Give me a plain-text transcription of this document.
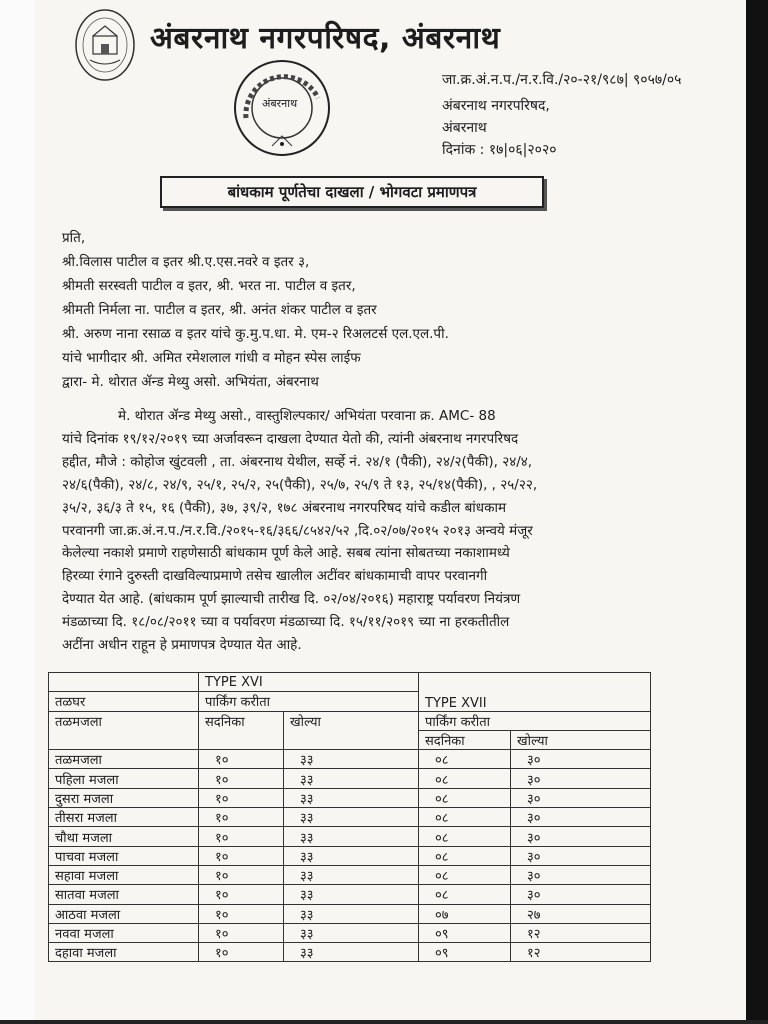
अंबरनाथ नगरपरिषद, अंबरनाथ
अंबरनाथ
जा.क्र.अं.न.प./न.र.वि./२०-२१/९८७| ९०५७/०५
अंबरनाथ नगरपरिषद,
अंबरनाथ
दिनांक : १७|०६|२०२०
बांधकाम पूर्णतेचा दाखला / भोगवटा प्रमाणपत्र
प्रति,
श्री.विलास पाटील व इतर श्री.ए.एस.नवरे व इतर ३,
श्रीमती सरस्वती पाटील व इतर, श्री. भरत ना. पाटील व इतर,
श्रीमती निर्मला ना. पाटील व इतर, श्री. अनंत शंकर पाटील व इतर
श्री. अरुण नाना रसाळ व इतर यांचे कु.मु.प.धा. मे. एम-२ रिअलटर्स एल.एल.पी.
यांचे भागीदार श्री. अमित रमेशलाल गांधी व मोहन स्पेस लाईफ
द्वारा- मे. थोरात ॲन्ड मेथ्यु असो. अभियंता, अंबरनाथ
मे. थोरात ॲन्ड मेथ्यु असो., वास्तुशिल्पकार/ अभियंता परवाना क्र. AMC- 88
यांचे दिनांक १९/१२/२०१९ च्या अर्जावरून दाखला देण्यात येतो की, त्यांनी अंबरनाथ नगरपरिषद
हद्दीत, मौजे : कोहोज खुंटवली , ता. अंबरनाथ येथील, सर्व्हे नं. २४/१ (पैकी), २४/२(पैकी), २४/४,
२४/६(पैकी), २४/८, २४/९, २५/१, २५/२, २५(पैकी), २५/७, २५/९ ते १३, २५/१४(पैकी), , २५/२२,
३५/२, ३६/३ ते १५, १६ (पैकी), ३७, ३९/२, १७८ अंबरनाथ नगरपरिषद यांचे कडील बांधकाम
परवानगी जा.क्र.अं.न.प./न.र.वि./२०१५-१६/३६६/८५४२/५२ ,दि.०२/०७/२०१५ २०१३ अन्वये मंजूर
केलेल्या नकाशे प्रमाणे राहणेसाठी बांधकाम पूर्ण केले आहे. सबब त्यांना सोबतच्या नकाशामध्ये
हिरव्या रंगाने दुरुस्ती दाखविल्याप्रमाणे तसेच खालील अटींवर बांधकामाची वापर परवानगी
देण्यात येत आहे. (बांधकाम पूर्ण झाल्याची तारीख दि. ०२/०४/२०१६) महाराष्ट्र पर्यावरण नियंत्रण
मंडळाच्या दि. १८/०८/२०११ च्या व पर्यावरण मंडळाच्या दि. १५/११/२०१९ च्या ना हरकतीतील
अटींना अधीन राहून हे प्रमाणपत्र देण्यात येत आहे.
	TYPE XVI		TYPE XVII	
तळघर	पार्किंग करीता			
तळमजला	सदनिका	खोल्या	पार्किंग करीता	
			सदनिका	खोल्या
तळमजला	१०	३३	०८	३०
पहिला मजला	१०	३३	०८	३०
दुसरा मजला	१०	३३	०८	३०
तीसरा मजला	१०	३३	०८	३०
चौथा मजला	१०	३३	०८	३०
पाचवा मजला	१०	३३	०८	३०
सहावा मजला	१०	३३	०८	३०
सातवा मजला	१०	३३	०८	३०
आठवा मजला	१०	३३	०७	२७
नववा मजला	१०	३३	०९	१२
दहावा मजला	१०	३३	०९	१२
